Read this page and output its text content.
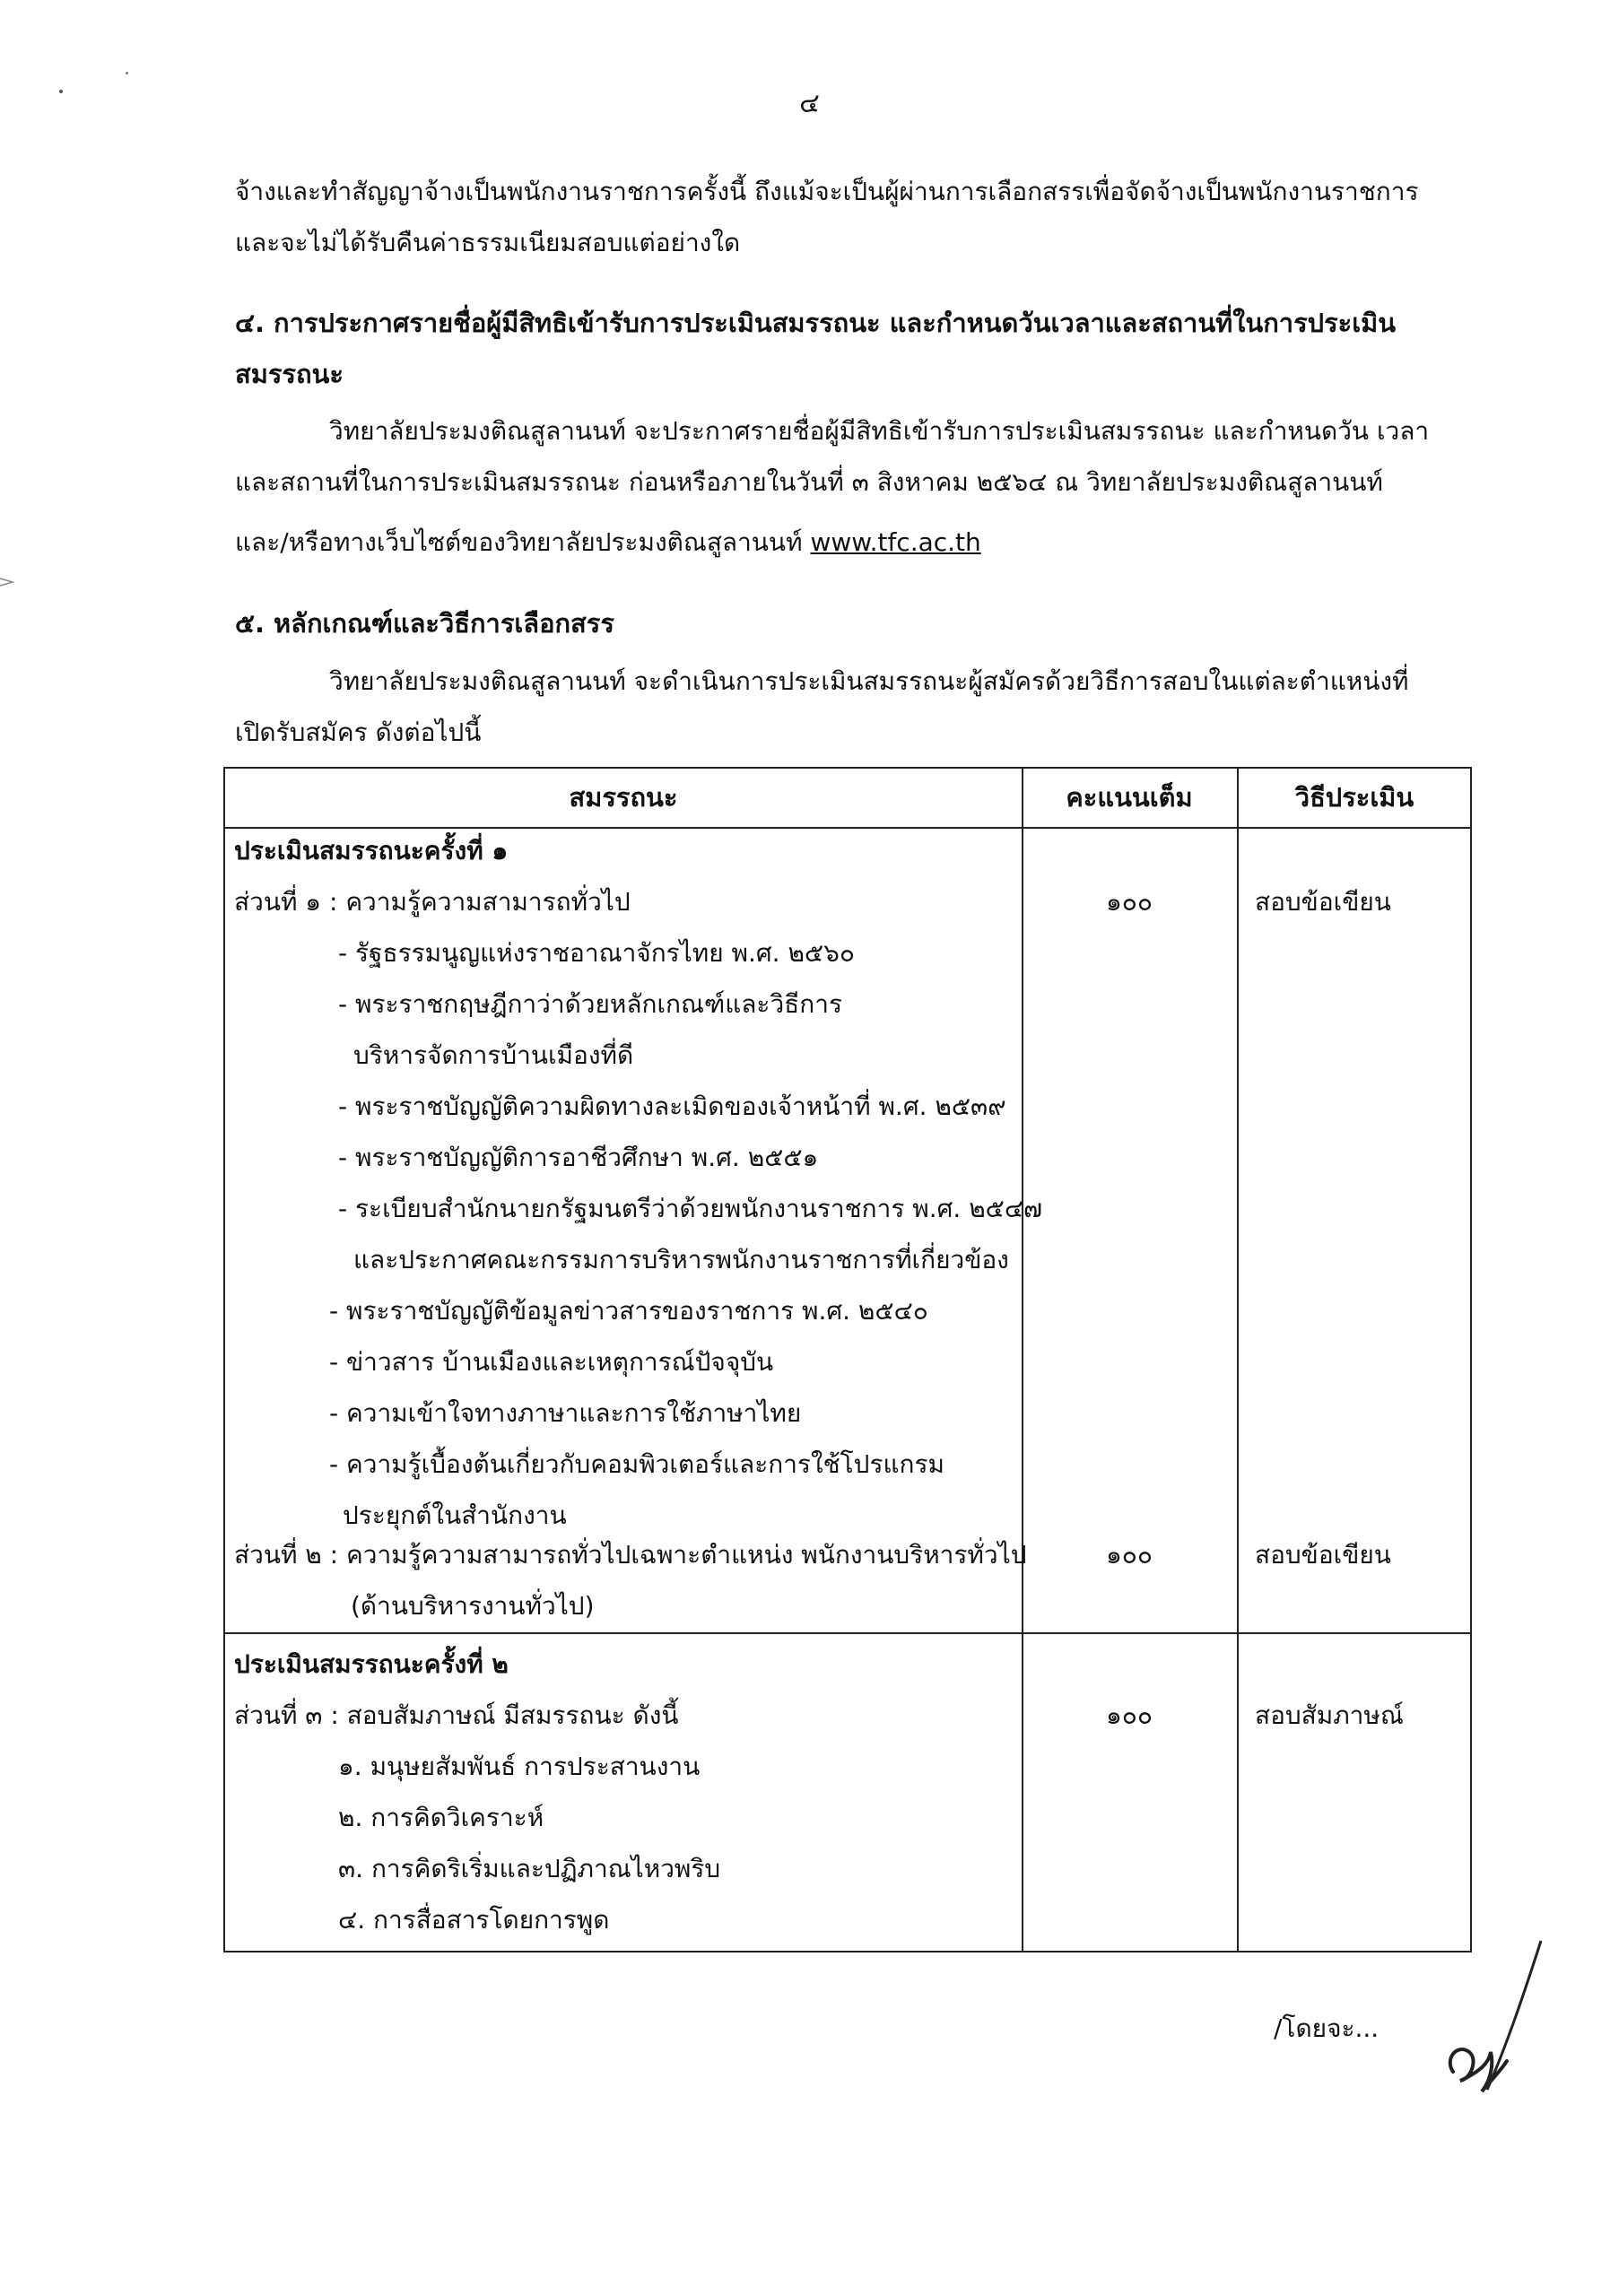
๔
จ้างและทำสัญญาจ้างเป็นพนักงานราชการครั้งนี้ ถึงแม้จะเป็นผู้ผ่านการเลือกสรรเพื่อจัดจ้างเป็นพนักงานราชการ
และจะไม่ได้รับคืนค่าธรรมเนียมสอบแต่อย่างใด
๔. การประกาศรายชื่อผู้มีสิทธิเข้ารับการประเมินสมรรถนะ และกำหนดวันเวลาและสถานที่ในการประเมิน
สมรรถนะ
วิทยาลัยประมงติณสูลานนท์ จะประกาศรายชื่อผู้มีสิทธิเข้ารับการประเมินสมรรถนะ และกำหนดวัน เวลา
และสถานที่ในการประเมินสมรรถนะ ก่อนหรือภายในวันที่ ๓ สิงหาคม ๒๕๖๔ ณ วิทยาลัยประมงติณสูลานนท์
และ/หรือทางเว็บไซต์ของวิทยาลัยประมงติณสูลานนท์ www.tfc.ac.th
๕. หลักเกณฑ์และวิธีการเลือกสรร
วิทยาลัยประมงติณสูลานนท์ จะดำเนินการประเมินสมรรถนะผู้สมัครด้วยวิธีการสอบในแต่ละตำแหน่งที่
เปิดรับสมัคร ดังต่อไปนี้
สมรรถนะ	คะแนนเต็ม	วิธีประเมิน
ประเมินสมรรถนะครั้งที่ ๑
ส่วนที่ ๑ : ความรู้ความสามารถทั่วไป	๑๐๐	สอบข้อเขียน
- รัฐธรรมนูญแห่งราชอาณาจักรไทย พ.ศ. ๒๕๖๐
- พระราชกฤษฎีกาว่าด้วยหลักเกณฑ์และวิธีการ
บริหารจัดการบ้านเมืองที่ดี
- พระราชบัญญัติความผิดทางละเมิดของเจ้าหน้าที่ พ.ศ. ๒๕๓๙
- พระราชบัญญัติการอาชีวศึกษา พ.ศ. ๒๕๕๑
- ระเบียบสำนักนายกรัฐมนตรีว่าด้วยพนักงานราชการ พ.ศ. ๒๕๔๗
และประกาศคณะกรรมการบริหารพนักงานราชการที่เกี่ยวข้อง
- พระราชบัญญัติข้อมูลข่าวสารของราชการ พ.ศ. ๒๕๔๐
- ข่าวสาร บ้านเมืองและเหตุการณ์ปัจจุบัน
- ความเข้าใจทางภาษาและการใช้ภาษาไทย
- ความรู้เบื้องต้นเกี่ยวกับคอมพิวเตอร์และการใช้โปรแกรม
ประยุกต์ในสำนักงาน
ส่วนที่ ๒ : ความรู้ความสามารถทั่วไปเฉพาะตำแหน่ง พนักงานบริหารทั่วไป	๑๐๐	สอบข้อเขียน
(ด้านบริหารงานทั่วไป)
ประเมินสมรรถนะครั้งที่ ๒
ส่วนที่ ๓ : สอบสัมภาษณ์ มีสมรรถนะ ดังนี้	๑๐๐	สอบสัมภาษณ์
๑. มนุษยสัมพันธ์ การประสานงาน
๒. การคิดวิเคราะห์
๓. การคิดริเริ่มและปฏิภาณไหวพริบ
๔. การสื่อสารโดยการพูด
/โดยจะ...
